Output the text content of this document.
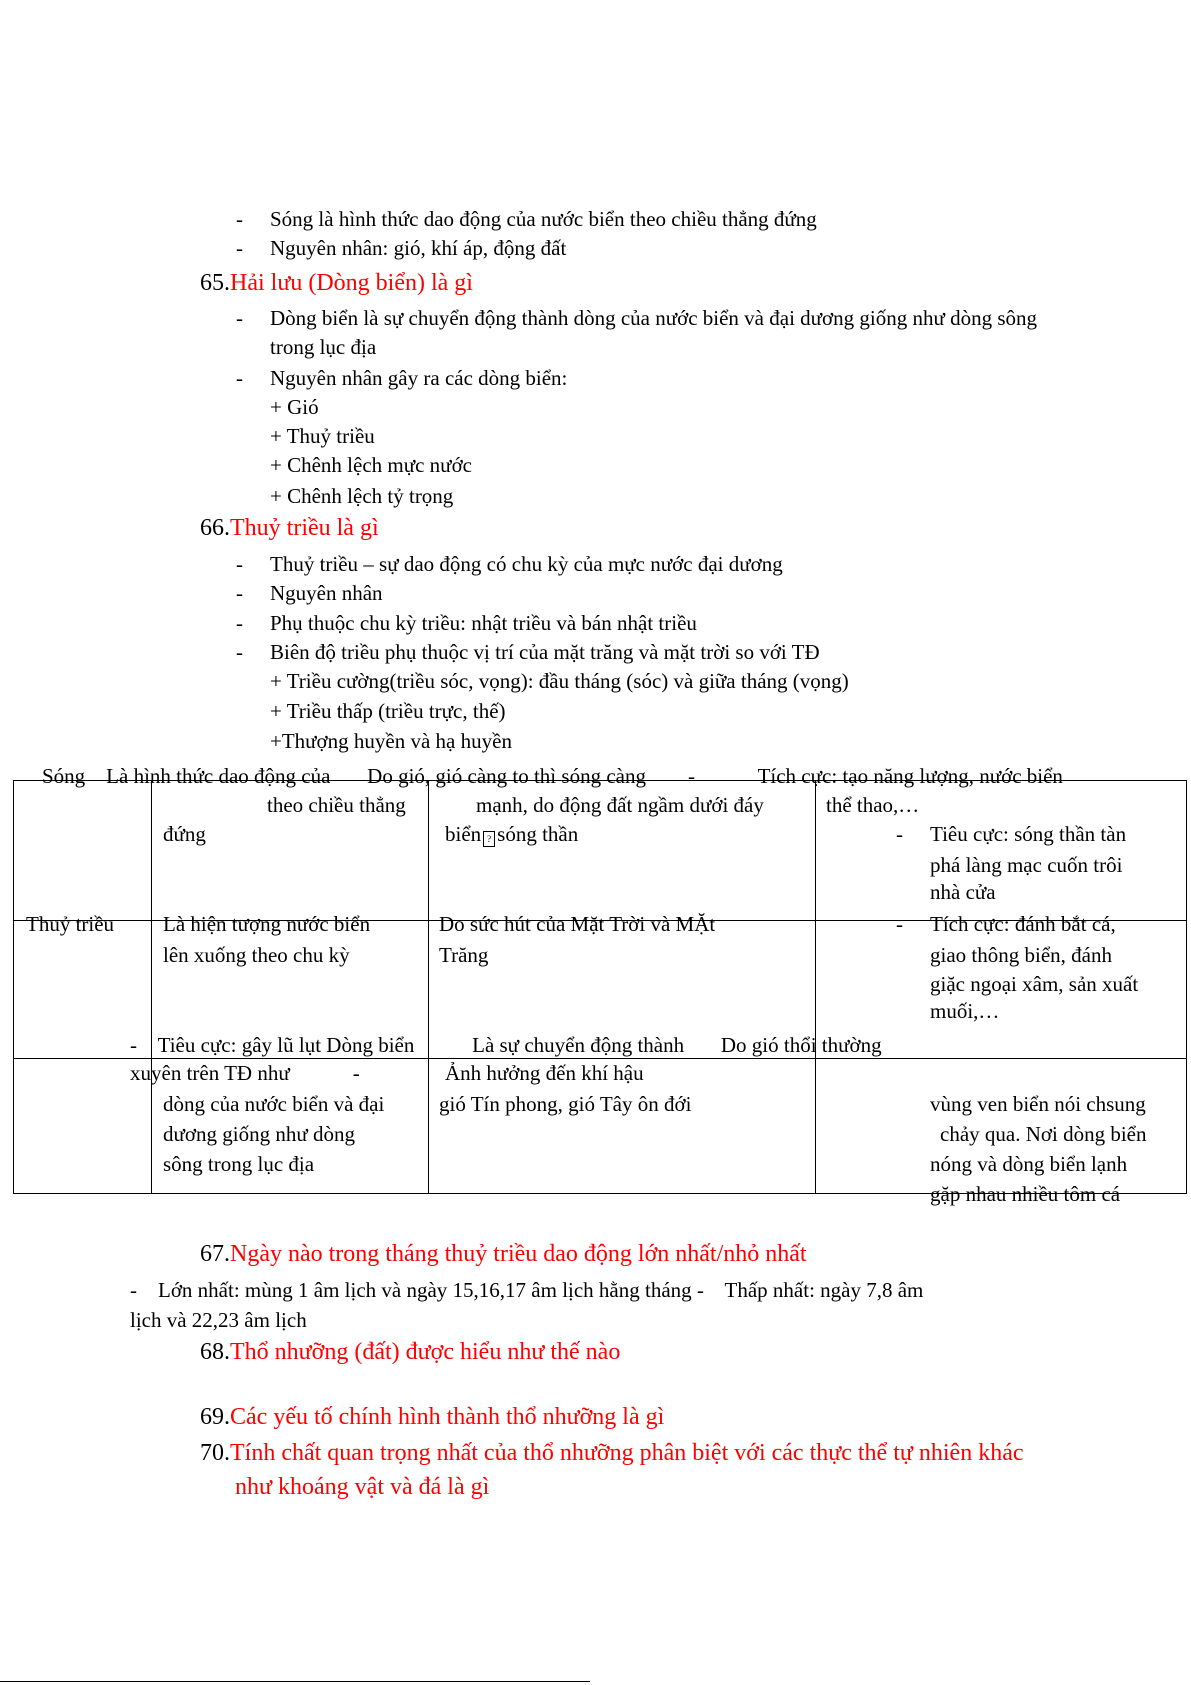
- Sóng là hình thức dao động của nước biển theo chiều thẳng đứng
- Nguyên nhân: gió, khí áp, động đất
65.Hải lưu (Dòng biển) là gì
- Dòng biển là sự chuyển động thành dòng của nước biển và đại dương giống như dòng sông
trong lục địa
- Nguyên nhân gây ra các dòng biển:
+ Gió
+ Thuỷ triều
+ Chênh lệch mực nước
+ Chênh lệch tỷ trọng
66.Thuỷ triều là gì
- Thuỷ triều – sự dao động có chu kỳ của mực nước đại dương
- Nguyên nhân
- Phụ thuộc chu kỳ triều: nhật triều và bán nhật triều
- Biên độ triều phụ thuộc vị trí của mặt trăng và mặt trời so với TĐ
+ Triều cường(triều sóc, vọng): đầu tháng (sóc) và giữa tháng (vọng)
+ Triều thấp (triều trực, thế)
+Thượng huyền và hạ huyền
Sóng    Là hình thức dao động của       Do gió, gió càng to thì sóng càng        -            Tích cực: tạo năng lượng, nước biển
theo chiều thẳng
đứng
mạnh, do động đất ngầm dưới đáy
biển ? sóng thần
thể thao,…
- Tiêu cực: sóng thần tàn
phá làng mạc cuốn trôi
nhà cửa
Thuỷ triều Là hiện tượng nước biển
lên xuống theo chu kỳ
Do sức hút của Mặt Trời và MẶt
Trăng
- Tích cực: đánh bắt cá,
giao thông biển, đánh
giặc ngoại xâm, sản xuất
muối,…
-    Tiêu cực: gây lũ lụt Dòng biển           Là sự chuyển động thành       Do gió thổi thường
xuyên trên TĐ như            -	Ảnh hưởng đến khí hậu
dòng của nước biển và đại
dương giống như dòng
sông trong lục địa
gió Tín phong, gió Tây ôn đới	vùng ven biển nói chsung
chảy qua. Nơi dòng biển
nóng và dòng biển lạnh
gặp nhau nhiều tôm cá
67.Ngày nào trong tháng thuỷ triều dao động lớn nhất/nhỏ nhất
-    Lớn nhất: mùng 1 âm lịch và ngày 15,16,17 âm lịch hằng tháng -    Thấp nhất: ngày 7,8 âm
lịch và 22,23 âm lịch
68.Thổ nhưỡng (đất) được hiểu như thế nào
69.Các yếu tố chính hình thành thổ nhưỡng là gì
70.Tính chất quan trọng nhất của thổ nhưỡng phân biệt với các thực thể tự nhiên khác
như khoáng vật và đá là gì
